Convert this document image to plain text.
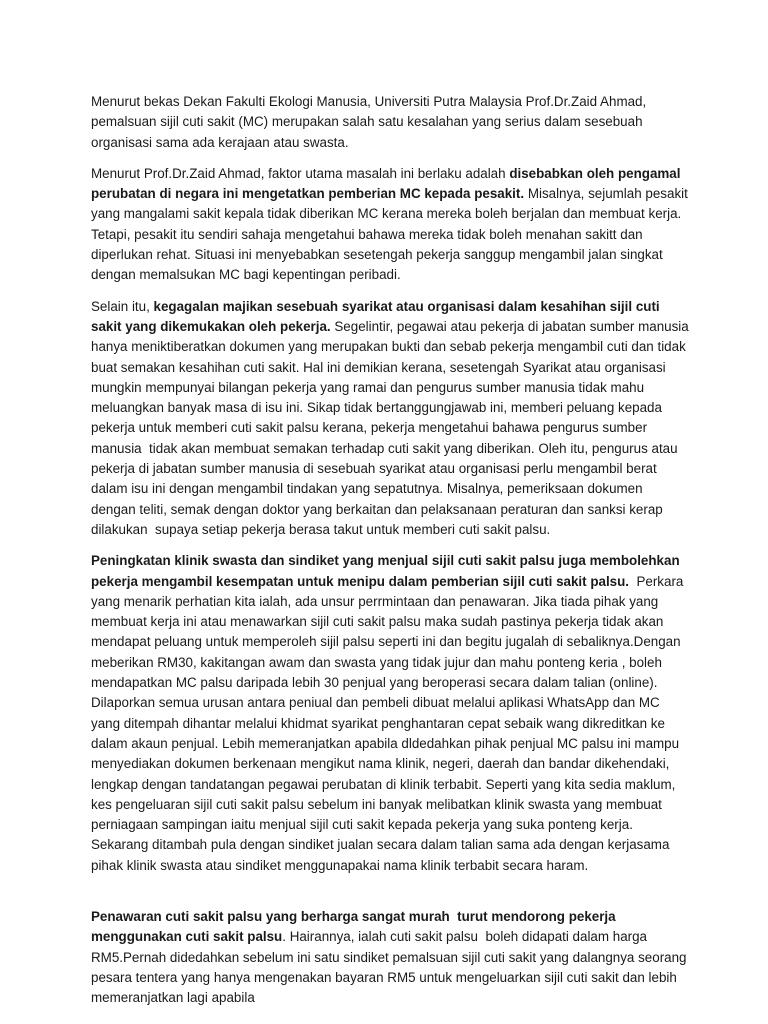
Menurut bekas Dekan Fakulti Ekologi Manusia, Universiti Putra Malaysia Prof.Dr.Zaid Ahmad, pemalsuan sijil cuti sakit (MC) merupakan salah satu kesalahan yang serius dalam sesebuah organisasi sama ada kerajaan atau swasta.

Menurut Prof.Dr.Zaid Ahmad, faktor utama masalah ini berlaku adalah disebabkan oleh pengamal perubatan di negara ini mengetatkan pemberian MC kepada pesakit. Misalnya, sejumlah pesakit yang mangalami sakit kepala tidak diberikan MC kerana mereka boleh berjalan dan membuat kerja. Tetapi, pesakit itu sendiri sahaja mengetahui bahawa mereka tidak boleh menahan sakitt dan diperlukan rehat. Situasi ini menyebabkan sesetengah pekerja sanggup mengambil jalan singkat dengan memalsukan MC bagi kepentingan peribadi.

Selain itu, kegagalan majikan sesebuah syarikat atau organisasi dalam kesahihan sijil cuti sakit yang dikemukakan oleh pekerja. Segelintir, pegawai atau pekerja di jabatan sumber manusia hanya meniktiberatkan dokumen yang merupakan bukti dan sebab pekerja mengambil cuti dan tidak buat semakan kesahihan cuti sakit. Hal ini demikian kerana, sesetengah Syarikat atau organisasi mungkin mempunyai bilangan pekerja yang ramai dan pengurus sumber manusia tidak mahu meluangkan banyak masa di isu ini. Sikap tidak bertanggungjawab ini, memberi peluang kepada pekerja untuk memberi cuti sakit palsu kerana, pekerja mengetahui bahawa pengurus sumber manusia  tidak akan membuat semakan terhadap cuti sakit yang diberikan. Oleh itu, pengurus atau pekerja di jabatan sumber manusia di sesebuah syarikat atau organisasi perlu mengambil berat dalam isu ini dengan mengambil tindakan yang sepatutnya. Misalnya, pemeriksaan dokumen dengan teliti, semak dengan doktor yang berkaitan dan pelaksanaan peraturan dan sanksi kerap dilakukan  supaya setiap pekerja berasa takut untuk memberi cuti sakit palsu.

Peningkatan klinik swasta dan sindiket yang menjual sijil cuti sakit palsu juga membolehkan pekerja mengambil kesempatan untuk menipu dalam pemberian sijil cuti sakit palsu.  Perkara yang menarik perhatian kita ialah, ada unsur perrmintaan dan penawaran. Jika tiada pihak yang membuat kerja ini atau menawarkan sijil cuti sakit palsu maka sudah pastinya pekerja tidak akan mendapat peluang untuk memperoleh sijil palsu seperti ini dan begitu jugalah di sebaliknya.Dengan meberikan RM30, kakitangan awam dan swasta yang tidak jujur dan mahu ponteng keria , boleh mendapatkan MC palsu daripada lebih 30 penjual yang beroperasi secara dalam talian (online). Dilaporkan semua urusan antara peniual dan pembeli dibuat melalui aplikasi WhatsApp dan MC yang ditempah dihantar melalui khidmat syarikat penghantaran cepat sebaik wang dikreditkan ke dalam akaun penjual. Lebih memeranjatkan apabila dldedahkan pihak penjual MC palsu ini mampu menyediakan dokumen berkenaan mengikut nama klinik, negeri, daerah dan bandar dikehendaki, lengkap dengan tandatangan pegawai perubatan di klinik terbabit. Seperti yang kita sedia maklum, kes pengeluaran sijil cuti sakit palsu sebelum ini banyak melibatkan klinik swasta yang membuat perniagaan sampingan iaitu menjual sijil cuti sakit kepada pekerja yang suka ponteng kerja. Sekarang ditambah pula dengan sindiket jualan secara dalam talian sama ada dengan kerjasama pihak klinik swasta atau sindiket menggunapakai nama klinik terbabit secara haram.

Penawaran cuti sakit palsu yang berharga sangat murah  turut mendorong pekerja menggunakan cuti sakit palsu. Hairannya, ialah cuti sakit palsu  boleh didapati dalam harga RM5.Pernah didedahkan sebelum ini satu sindiket pemalsuan sijil cuti sakit yang dalangnya seorang pesara tentera yang hanya mengenakan bayaran RM5 untuk mengeluarkan sijil cuti sakit dan lebih memeranjatkan lagi apabila
